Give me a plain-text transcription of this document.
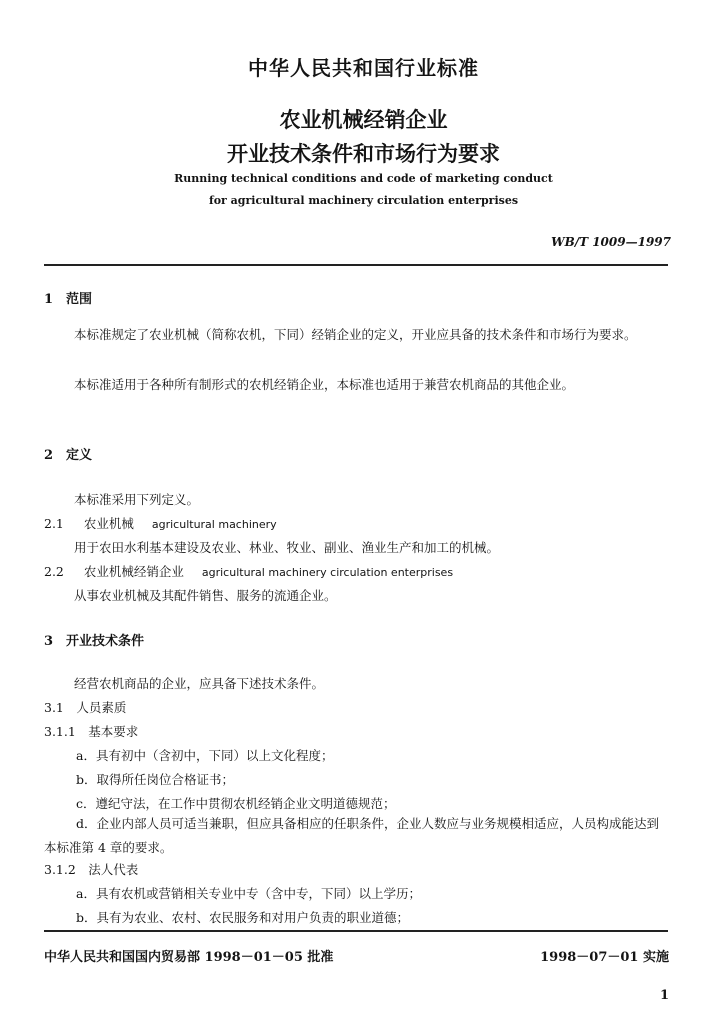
中华人民共和国行业标准
农业机械经销企业
开业技术条件和市场行为要求
Running technical conditions and code of marketing conduct
for agricultural machinery circulation enterprises
WB/T 1009—1997
1　范围
本标准规定了农业机械（简称农机，下同）经销企业的定义，开业应具备的技术条件和市场行为要求。
本标准适用于各种所有制形式的农机经销企业，本标准也适用于兼营农机商品的其他企业。
2　定义
本标准采用下列定义。
2.1 农业机械 agricultural machinery
用于农田水利基本建设及农业、林业、牧业、副业、渔业生产和加工的机械。
2.2 农业机械经销企业 agricultural machinery circulation enterprises
从事农业机械及其配件销售、服务的流通企业。
3　开业技术条件
经营农机商品的企业，应具备下述技术条件。
3.1　人员素质
3.1.1　基本要求
a．具有初中（含初中，下同）以上文化程度；
b．取得所任岗位合格证书；
c．遵纪守法，在工作中贯彻农机经销企业文明道德规范；
d．企业内部人员可适当兼职，但应具备相应的任职条件，企业人数应与业务规模相适应，人员构成能达到本标准第 4 章的要求。
3.1.2　法人代表
a．具有农机或营销相关专业中专（含中专，下同）以上学历；
b．具有为农业、农村、农民服务和对用户负责的职业道德；
中华人民共和国国内贸易部 1998－01－05 批准	1998－07－01 实施
1
